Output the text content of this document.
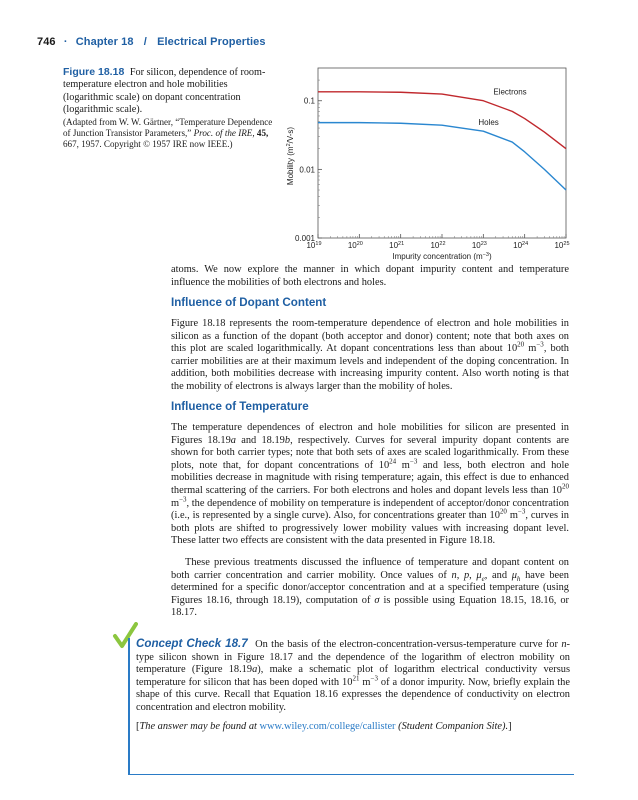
746 · Chapter 18 / Electrical Properties
Figure 18.18 For silicon, dependence of room-temperature electron and hole mobilities (logarithmic scale) on dopant concentration (logarithmic scale).
(Adapted from W. W. Gärtner, “Temperature Dependence of Junction Transistor Parameters,” Proc. of the IRE, 45, 667, 1957. Copyright © 1957 IRE now IEEE.)
Electrons
Holes
$10^{19}$	$10^{20}$	$10^{21}$	$10^{22}$	$10^{23}$	$10^{24}$	$10^{25}$
0.001
0.01
0.1
Mobility $(m^2/V-s)$
Impurity concentration $(m^{-3})$
atoms. We now explore the manner in which dopant impurity content and temperature influence the mobilities of both electrons and holes.
Influence of Dopant Content
Figure 18.18 represents the room-temperature dependence of electron and hole mobilities in silicon as a function of the dopant (both acceptor and donor) content; note that both axes on this plot are scaled logarithmically. At dopant concentrations less than about $10^{20}$ $m^{-3}$, both carrier mobilities are at their maximum levels and independent of the doping concentration. In addition, both mobilities decrease with increasing impurity content. Also worth noting is that the mobility of electrons is always larger than the mobility of holes.
Influence of Temperature
The temperature dependences of electron and hole mobilities for silicon are presented in Figures 18.19a and 18.19b, respectively. Curves for several impurity dopant contents are shown for both carrier types; note that both sets of axes are scaled logarithmically. From these plots, note that, for dopant concentrations of $10^{24}$ $m^{-3}$ and less, both electron and hole mobilities decrease in magnitude with rising temperature; again, this effect is due to enhanced thermal scattering of the carriers. For both electrons and holes and dopant levels less than $10^{20}$ $m^{-3}$, the dependence of mobility on temperature is independent of acceptor/donor concentration (i.e., is represented by a single curve). Also, for concentrations greater than $10^{20}$ $m^{-3}$, curves in both plots are shifted to progressively lower mobility values with increasing dopant level. These latter two effects are consistent with the data presented in Figure 18.18.
These previous treatments discussed the influence of temperature and dopant content on both carrier concentration and carrier mobility. Once values of n, p, $\mu_e$, and $\mu_h$ have been determined for a specific donor/acceptor concentration and at a specified temperature (using Figures 18.16, through 18.19), computation of σ is possible using Equation 18.15, 18.16, or 18.17.
Concept Check 18.7 On the basis of the electron-concentration-versus-temperature curve for n-type silicon shown in Figure 18.17 and the dependence of the logarithm of electron mobility on temperature (Figure 18.19a), make a schematic plot of logarithm electrical conductivity versus temperature for silicon that has been doped with $10^{21}$ $m^{-3}$ of a donor impurity. Now, briefly explain the shape of this curve. Recall that Equation 18.16 expresses the dependence of conductivity on electron concentration and electron mobility.
[The answer may be found at www.wiley.com/college/callister (Student Companion Site).]
